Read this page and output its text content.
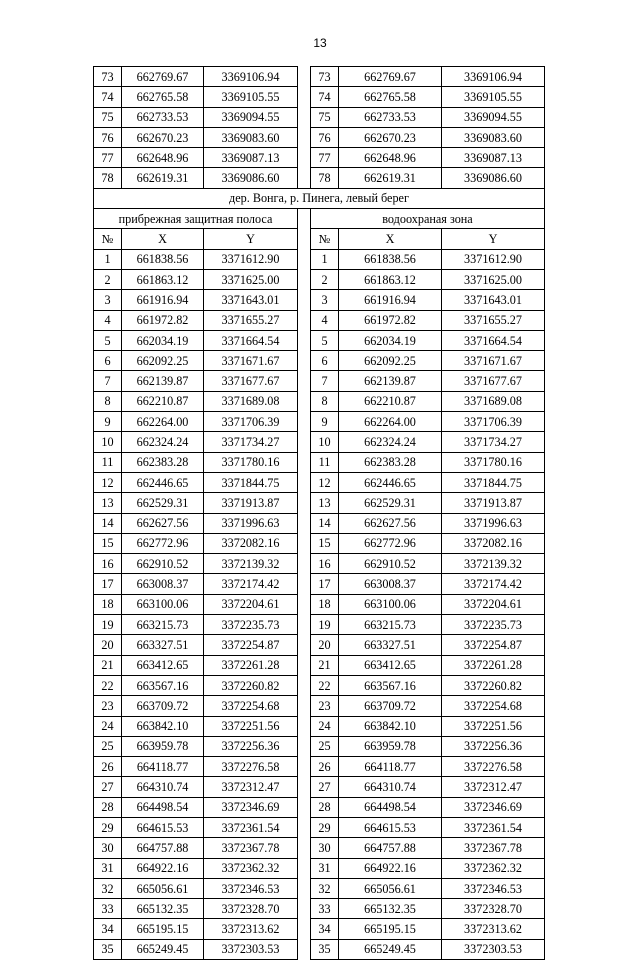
13
73	662769.67	3369106.94		73	662769.67	3369106.94
74	662765.58	3369105.55		74	662765.58	3369105.55
75	662733.53	3369094.55		75	662733.53	3369094.55
76	662670.23	3369083.60		76	662670.23	3369083.60
77	662648.96	3369087.13		77	662648.96	3369087.13
78	662619.31	3369086.60		78	662619.31	3369086.60
дер. Вонга, р. Пинега, левый берег						
прибрежная защитная полоса				водоохраная зона		
№	X	Y		№	X	Y
1	661838.56	3371612.90		1	661838.56	3371612.90
2	661863.12	3371625.00		2	661863.12	3371625.00
3	661916.94	3371643.01		3	661916.94	3371643.01
4	661972.82	3371655.27		4	661972.82	3371655.27
5	662034.19	3371664.54		5	662034.19	3371664.54
6	662092.25	3371671.67		6	662092.25	3371671.67
7	662139.87	3371677.67		7	662139.87	3371677.67
8	662210.87	3371689.08		8	662210.87	3371689.08
9	662264.00	3371706.39		9	662264.00	3371706.39
10	662324.24	3371734.27		10	662324.24	3371734.27
11	662383.28	3371780.16		11	662383.28	3371780.16
12	662446.65	3371844.75		12	662446.65	3371844.75
13	662529.31	3371913.87		13	662529.31	3371913.87
14	662627.56	3371996.63		14	662627.56	3371996.63
15	662772.96	3372082.16		15	662772.96	3372082.16
16	662910.52	3372139.32		16	662910.52	3372139.32
17	663008.37	3372174.42		17	663008.37	3372174.42
18	663100.06	3372204.61		18	663100.06	3372204.61
19	663215.73	3372235.73		19	663215.73	3372235.73
20	663327.51	3372254.87		20	663327.51	3372254.87
21	663412.65	3372261.28		21	663412.65	3372261.28
22	663567.16	3372260.82		22	663567.16	3372260.82
23	663709.72	3372254.68		23	663709.72	3372254.68
24	663842.10	3372251.56		24	663842.10	3372251.56
25	663959.78	3372256.36		25	663959.78	3372256.36
26	664118.77	3372276.58		26	664118.77	3372276.58
27	664310.74	3372312.47		27	664310.74	3372312.47
28	664498.54	3372346.69		28	664498.54	3372346.69
29	664615.53	3372361.54		29	664615.53	3372361.54
30	664757.88	3372367.78		30	664757.88	3372367.78
31	664922.16	3372362.32		31	664922.16	3372362.32
32	665056.61	3372346.53		32	665056.61	3372346.53
33	665132.35	3372328.70		33	665132.35	3372328.70
34	665195.15	3372313.62		34	665195.15	3372313.62
35	665249.45	3372303.53		35	665249.45	3372303.53
